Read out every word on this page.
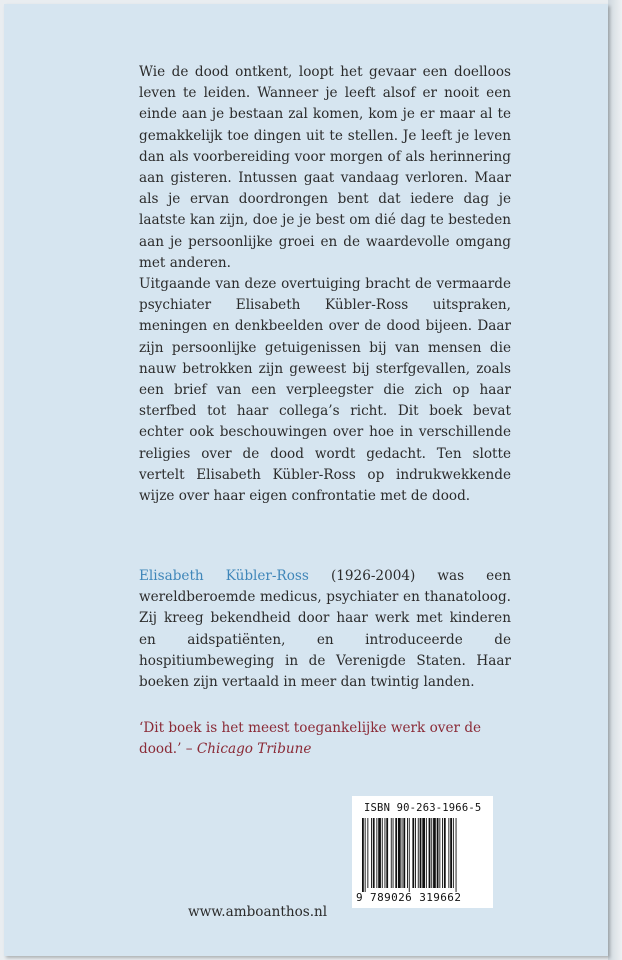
Wie de dood ontkent, loopt het gevaar een doelloos leven te leiden. Wanneer je leeft alsof er nooit een einde aan je bestaan zal komen, kom je er maar al te gemakkelijk toe dingen uit te stellen. Je leeft je leven dan als voorbereiding voor morgen of als herinnering aan gisteren. Intussen gaat vandaag verloren. Maar als je ervan doordrongen bent dat iedere dag je laatste kan zijn, doe je je best om dié dag te besteden aan je persoonlijke groei en de waardevolle omgang met anderen.

Uitgaande van deze overtuiging bracht de vermaarde psychiater Elisabeth Kübler-Ross uitspraken, meningen en denkbeelden over de dood bijeen. Daar zijn persoonlijke getuigenissen bij van mensen die nauw betrokken zijn geweest bij sterfgevallen, zoals een brief van een verpleegster die zich op haar sterfbed tot haar collega’s richt. Dit boek bevat echter ook beschouwingen over hoe in verschillende religies over de dood wordt gedacht. Ten slotte vertelt Elisabeth Kübler-Ross op indrukwekkende wijze over haar eigen confrontatie met de dood.

Elisabeth Kübler-Ross (1926-2004) was een wereldberoemde medicus, psychiater en thanatoloog. Zij kreeg bekendheid door haar werk met kinderen en aidspatiënten, en introduceerde de hospitiumbeweging in de Verenigde Staten. Haar boeken zijn vertaald in meer dan twintig landen.
‘Dit boek is het meest toegankelijke werk over de dood.’ – Chicago Tribune
ISBN 90-263-1966-5
9 789026 319662
www.amboanthos.nl
